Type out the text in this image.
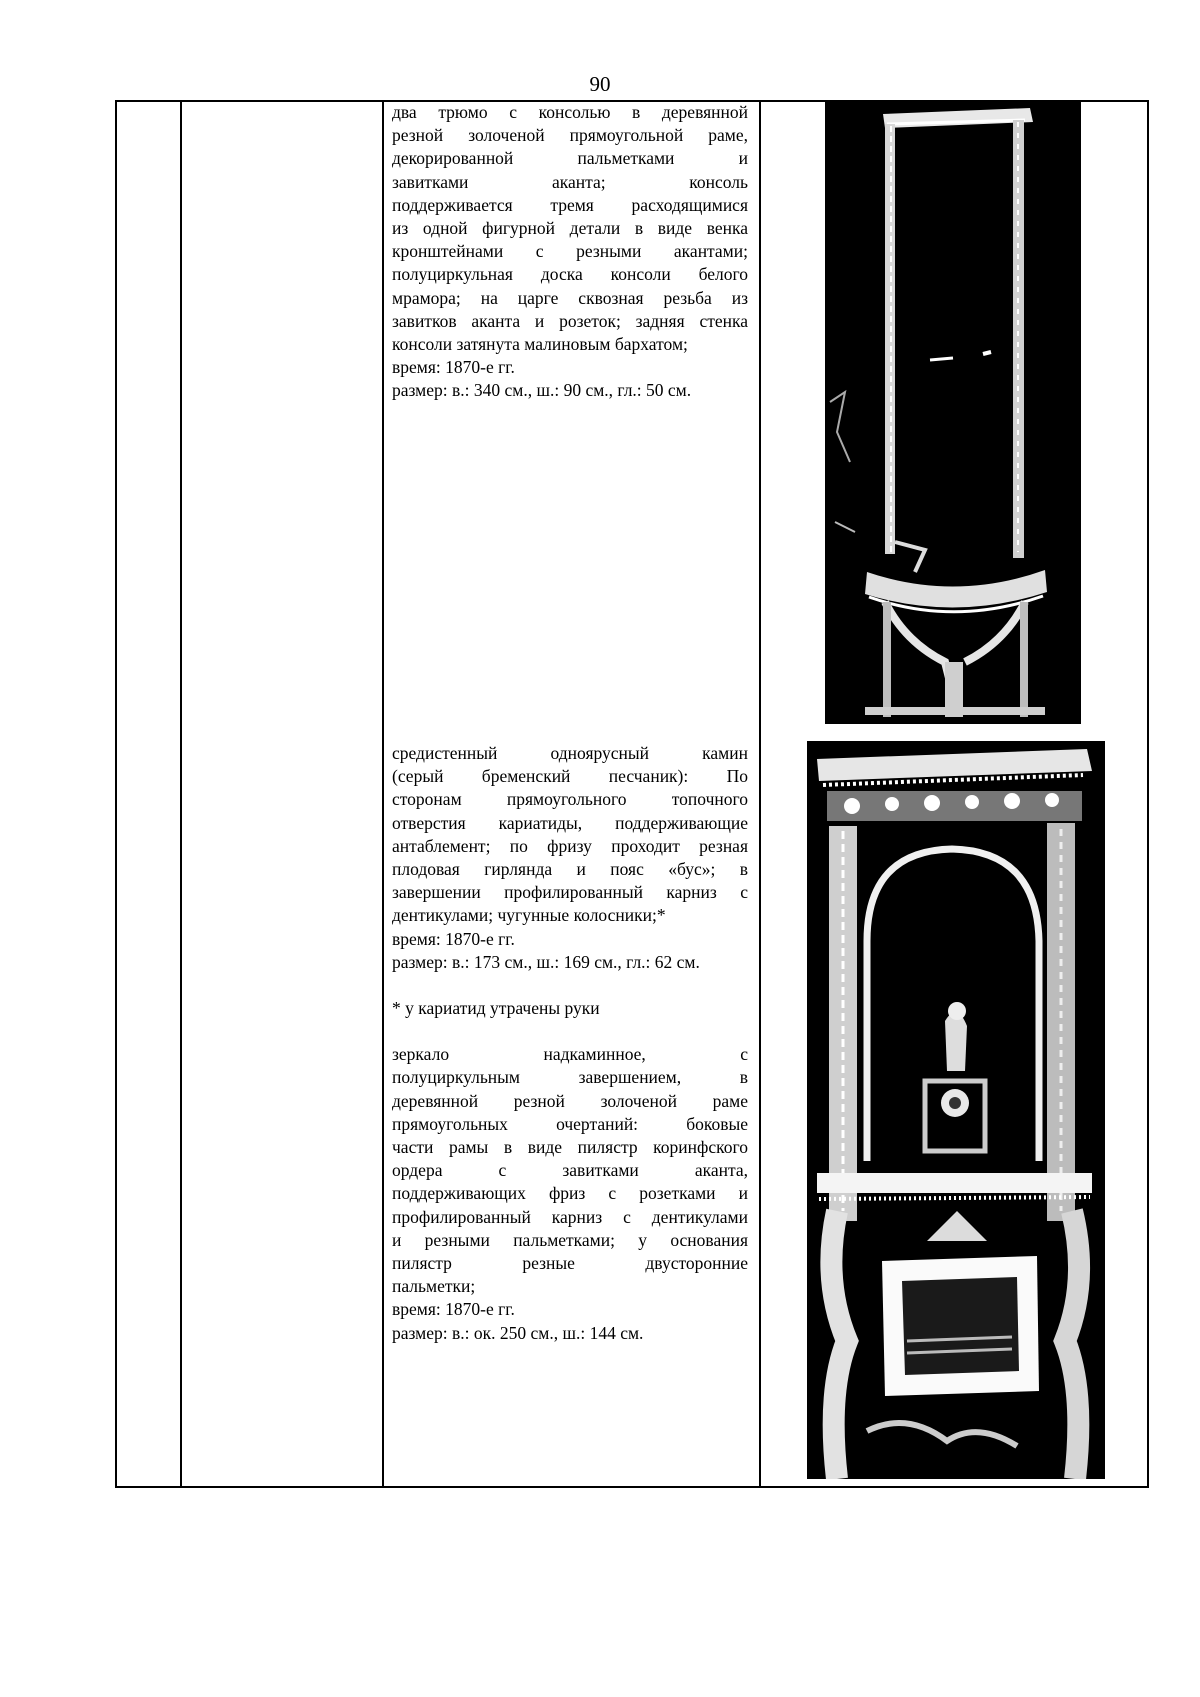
90

два трюмо с консолью в деревянной

резной золоченой прямоугольной раме,

декорированной пальметками и

завитками аканта; консоль

поддерживается тремя расходящимися

из одной фигурной детали в виде венка

кронштейнами с резными акантами;

полуциркульная доска консоли белого

мрамора; на царге сквозная резьба из

завитков аканта и розеток; задняя стенка

консоли затянута малиновым бархатом;

время: 1870-е гг.

размер: в.: 340 см., ш.: 90 см., гл.: 50 см.

средистенный одноярусный камин

(серый бременский песчаник): По

сторонам прямоугольного топочного

отверстия кариатиды, поддерживающие

антаблемент; по фризу проходит резная

плодовая гирлянда и пояс «бус»; в

завершении профилированный карниз с

дентикулами; чугунные колосники;*

время: 1870-е гг.

размер: в.: 173 см., ш.: 169 см., гл.: 62 см.

* у кариатид утрачены руки

зеркало надкаминное, с

полуциркульным завершением, в

деревянной резной золоченой раме

прямоугольных очертаний: боковые

части рамы в виде пилястр коринфского

ордера с завитками аканта,

поддерживающих фриз с розетками и

профилированный карниз с дентикулами

и резными пальметками; у основания

пилястр резные двусторонние

пальметки;

время: 1870-е гг.

размер: в.: ок. 250 см., ш.: 144 см.
